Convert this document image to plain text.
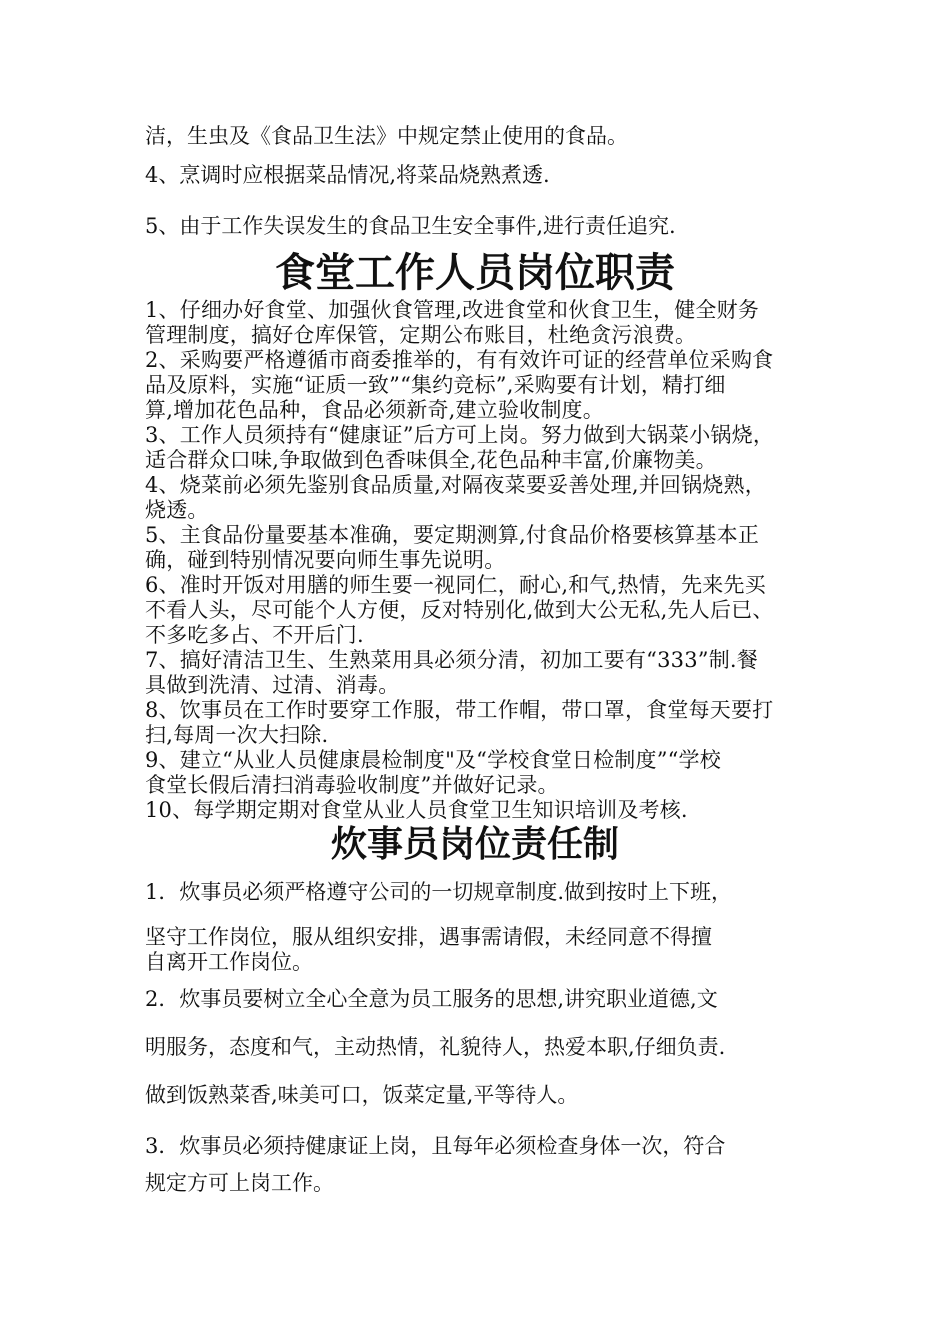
洁，生虫及《食品卫生法》中规定禁止使用的食品。
4、烹调时应根据菜品情况,将菜品烧熟煮透.
5、由于工作失误发生的食品卫生安全事件,进行责任追究.
食堂工作人员岗位职责
1、仔细办好食堂、加强伙食管理,改进食堂和伙食卫生，健全财务
管理制度，搞好仓库保管，定期公布账目，杜绝贪污浪费。
2、采购要严格遵循市商委推举的，有有效许可证的经营单位采购食
品及原料，实施“证质一致”“集约竞标”,采购要有计划，精打细
算,增加花色品种，食品必须新奇,建立验收制度。
3、工作人员须持有“健康证”后方可上岗。努力做到大锅菜小锅烧，
适合群众口味,争取做到色香味俱全,花色品种丰富,价廉物美。
4、烧菜前必须先鉴别食品质量,对隔夜菜要妥善处理,并回锅烧熟，
烧透。
5、主食品份量要基本准确，要定期测算,付食品价格要核算基本正
确，碰到特别情况要向师生事先说明。
6、准时开饭对用膳的师生要一视同仁，耐心,和气,热情，先来先买
不看人头，尽可能个人方便，反对特别化,做到大公无私,先人后已、
不多吃多占、不开后门.
7、搞好清洁卫生、生熟菜用具必须分清，初加工要有“333”制.餐
具做到洗清、过清、消毒。
8、饮事员在工作时要穿工作服，带工作帽，带口罩，食堂每天要打
扫,每周一次大扫除.
9、建立“从业人员健康晨检制度"及“学校食堂日检制度”“学校
食堂长假后清扫消毒验收制度”并做好记录。
10、每学期定期对食堂从业人员食堂卫生知识培训及考核.
炊事员岗位责任制
1．炊事员必须严格遵守公司的一切规章制度.做到按时上下班，
坚守工作岗位，服从组织安排，遇事需请假，未经同意不得擅
自离开工作岗位。
2．炊事员要树立全心全意为员工服务的思想,讲究职业道德,文
明服务，态度和气，主动热情，礼貌待人，热爱本职,仔细负责.
做到饭熟菜香,味美可口，饭菜定量,平等待人。
3．炊事员必须持健康证上岗，且每年必须检查身体一次，符合
规定方可上岗工作。
